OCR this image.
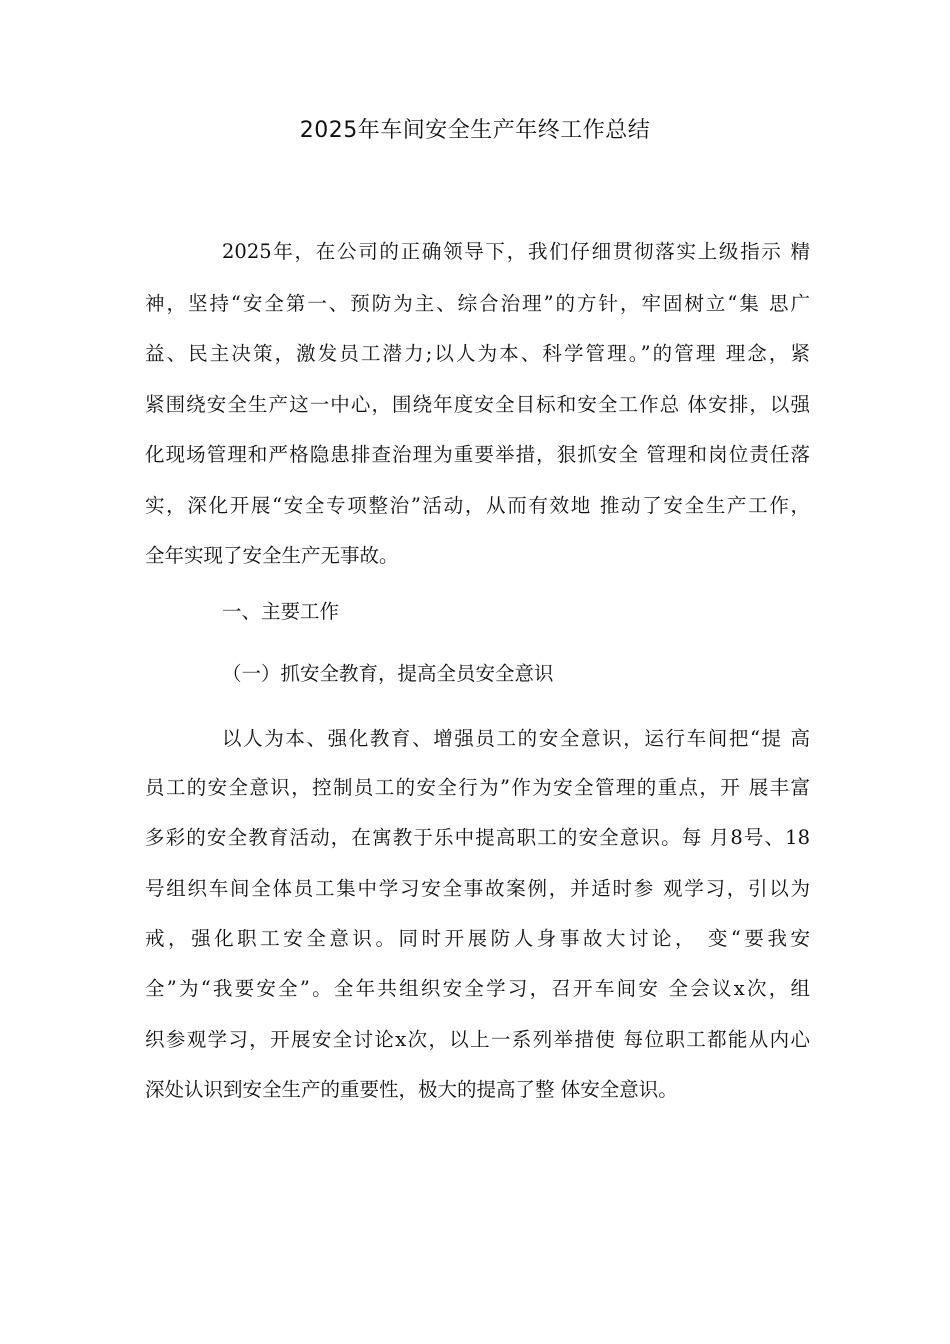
2025年车间安全生产年终工作总结
2025年，在公司的正确领导下，我们仔细贯彻落实上级指示 精
神，坚持“安全第一、预防为主、综合治理”的方针，牢固树立“集 思广
益、民主决策，激发员工潜力;以人为本、科学管理。”的管理 理念，紧
紧围绕安全生产这一中心，围绕年度安全目标和安全工作总 体安排，以强
化现场管理和严格隐患排查治理为重要举措，狠抓安全 管理和岗位责任落
实，深化开展“安全专项整治”活动，从而有效地 推动了安全生产工作，
全年实现了安全生产无事故。
一、主要工作
（一）抓安全教育，提高全员安全意识
以人为本、强化教育、增强员工的安全意识，运行车间把“提 高
员工的安全意识，控制员工的安全行为”作为安全管理的重点，开 展丰富
多彩的安全教育活动，在寓教于乐中提高职工的安全意识。每 月8号、18
号组织车间全体员工集中学习安全事故案例，并适时参 观学习，引以为
戒，强化职工安全意识。同时开展防人身事故大讨论， 变“要我安
全”为“我要安全”。全年共组织安全学习，召开车间安 全会议x次，组
织参观学习，开展安全讨论x次，以上一系列举措使 每位职工都能从内心
深处认识到安全生产的重要性，极大的提高了整 体安全意识。
